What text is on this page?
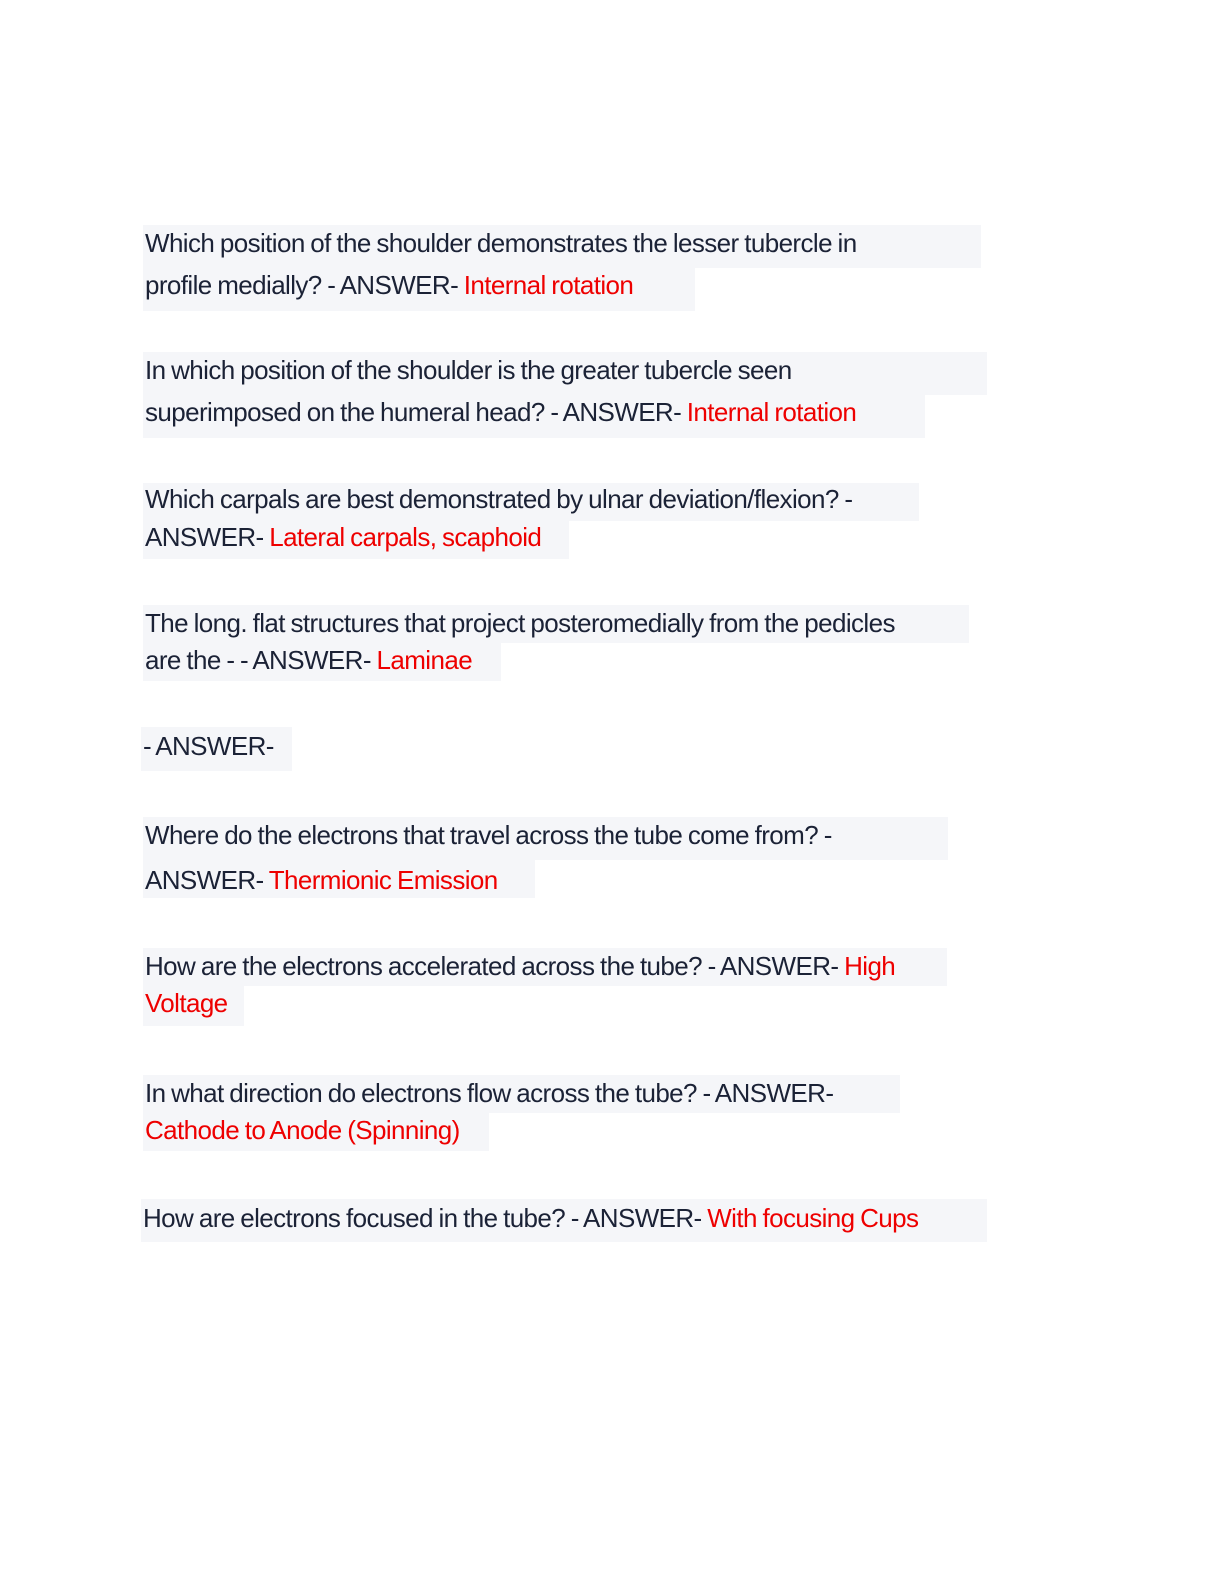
Which position of the shoulder demonstrates the lesser tubercle in
profile medially? - ANSWER- Internal rotation
In which position of the shoulder is the greater tubercle seen
superimposed on the humeral head? - ANSWER- Internal rotation
Which carpals are best demonstrated by ulnar deviation/flexion? -
ANSWER- Lateral carpals, scaphoid
The long. flat structures that project posteromedially from the pedicles
are the - - ANSWER- Laminae
- ANSWER-
Where do the electrons that travel across the tube come from? -
ANSWER- Thermionic Emission
How are the electrons accelerated across the tube? - ANSWER- High
Voltage
In what direction do electrons flow across the tube? - ANSWER-
Cathode to Anode (Spinning)
How are electrons focused in the tube? - ANSWER- With focusing Cups
